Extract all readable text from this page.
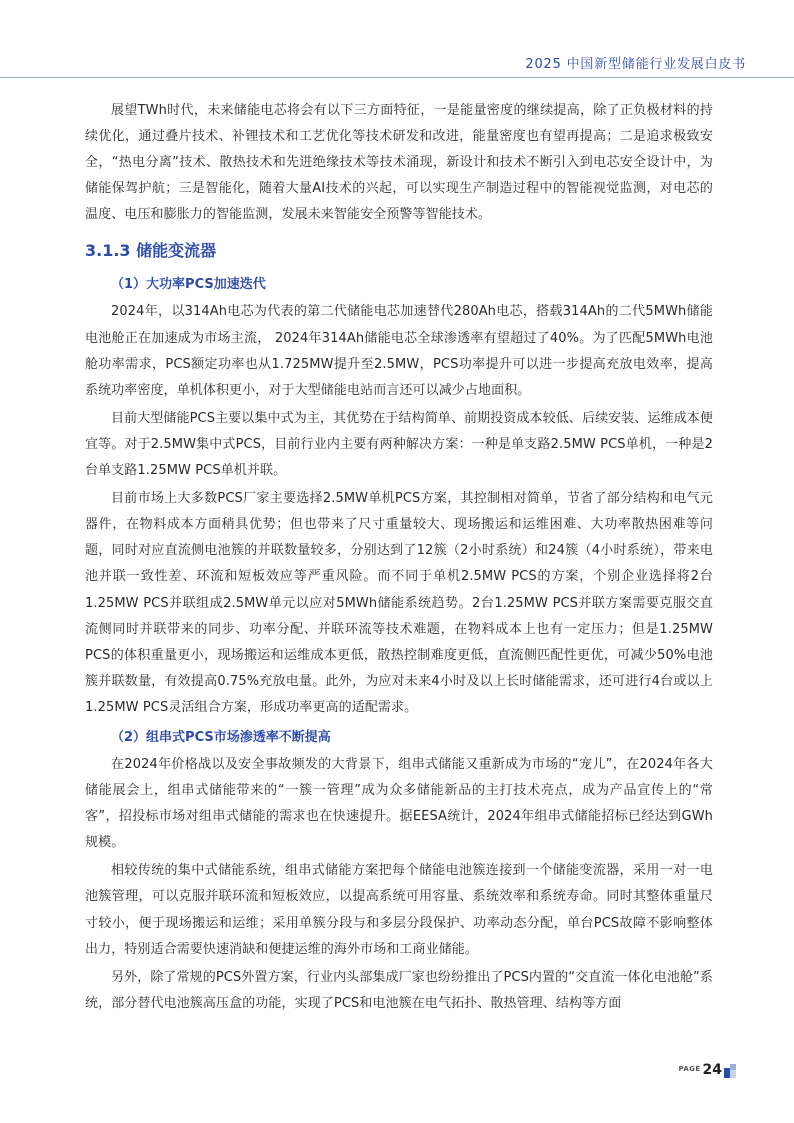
2025 中国新型储能行业发展白皮书

展望TWh时代，未来储能电芯将会有以下三方面特征，一是能量密度的继续提高，除了正负极材料的持续优化，通过叠片技术、补锂技术和工艺优化等技术研发和改进，能量密度也有望再提高；二是追求极致安全，“热电分离”技术、散热技术和先进绝缘技术等技术涌现，新设计和技术不断引入到电芯安全设计中，为储能保驾护航；三是智能化，随着大量AI技术的兴起，可以实现生产制造过程中的智能视觉监测，对电芯的温度、电压和膨胀力的智能监测，发展未来智能安全预警等智能技术。

3.1.3 储能变流器
（1）大功率PCS加速迭代

2024年，以314Ah电芯为代表的第二代储能电芯加速替代280Ah电芯，搭载314Ah的二代5MWh储能电池舱正在加速成为市场主流， 2024年314Ah储能电芯全球渗透率有望超过了40%。为了匹配5MWh电池舱功率需求，PCS额定功率也从1.725MW提升至2.5MW，PCS功率提升可以进一步提高充放电效率，提高系统功率密度，单机体积更小，对于大型储能电站而言还可以减少占地面积。

目前大型储能PCS主要以集中式为主，其优势在于结构简单、前期投资成本较低、后续安装、运维成本便宜等。对于2.5MW集中式PCS，目前行业内主要有两种解决方案：一种是单支路2.5MW PCS单机，一种是2台单支路1.25MW PCS单机并联。

目前市场上大多数PCS厂家主要选择2.5MW单机PCS方案，其控制相对简单，节省了部分结构和电气元器件，在物料成本方面稍具优势；但也带来了尺寸重量较大、现场搬运和运维困难、大功率散热困难等问题，同时对应直流侧电池簇的并联数量较多，分别达到了12簇（2小时系统）和24簇（4小时系统），带来电池并联一致性差、环流和短板效应等严重风险。而不同于单机2.5MW PCS的方案，个别企业选择将2台1.25MW PCS并联组成2.5MW单元以应对5MWh储能系统趋势。2台1.25MW PCS并联方案需要克服交直流侧同时并联带来的同步、功率分配、并联环流等技术难题，在物料成本上也有一定压力；但是1.25MW PCS的体积重量更小，现场搬运和运维成本更低，散热控制难度更低，直流侧匹配性更优，可减少50%电池簇并联数量，有效提高0.75%充放电量。此外，为应对未来4小时及以上长时储能需求，还可进行4台或以上1.25MW PCS灵活组合方案，形成功率更高的适配需求。

（2）组串式PCS市场渗透率不断提高

在2024年价格战以及安全事故频发的大背景下，组串式储能又重新成为市场的“宠儿”，在2024年各大储能展会上，组串式储能带来的“一簇一管理”成为众多储能新品的主打技术亮点，成为产品宣传上的“常客”，招投标市场对组串式储能的需求也在快速提升。据EESA统计，2024年组串式储能招标已经达到GWh规模。

相较传统的集中式储能系统，组串式储能方案把每个储能电池簇连接到一个储能变流器，采用一对一电池簇管理，可以克服并联环流和短板效应，以提高系统可用容量、系统效率和系统寿命。同时其整体重量尺寸较小，便于现场搬运和运维；采用单簇分段与和多层分段保护、功率动态分配，单台PCS故障不影响整体出力，特别适合需要快速消缺和便捷运维的海外市场和工商业储能。

另外，除了常规的PCS外置方案，行业内头部集成厂家也纷纷推出了PCS内置的“交直流一体化电池舱”系统，部分替代电池簇高压盒的功能，实现了PCS和电池簇在电气拓扑、散热管理、结构等方面

PAGE 24
